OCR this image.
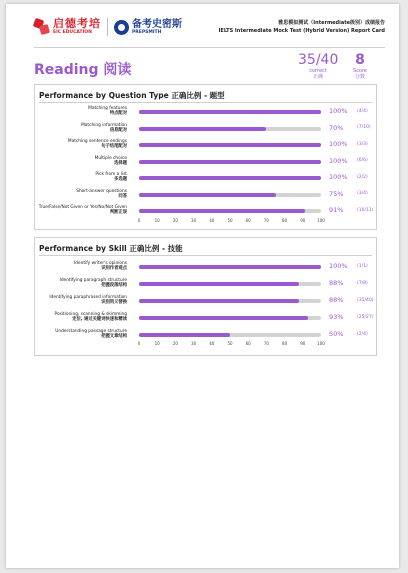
启德考培
EIC EDUCATION
备考史密斯
PREPSMITH
雅思模拟测试（Intermediate级别）成绩报告
IELTS Intermediate Mock Test (Hybrid Version) Report Card
Reading 阅读
35/40
correct
正确
8
Score
分数
Performance by Question Type 正确比例 - 题型
Matching features
特点配对	100% (4/4)
Matching information
信息配对	70%	(7/10)
Matching sentence endings
句子结尾配对	100% (3/3)
Multiple choice
选择题	100% (6/6)
Pick from a list
多选题	100% (2/2)
Short-answer questions
问答	75%	(3/4)
True/False/Not Given or Yes/No/Not Given
判断正误	91%	(10/11)
0	10	20	30	40	50	60	70	80	90	100
Performance by Skill 正确比例 - 技能
Identify writer's opinions
识别作者观点	100% (1/1)
Identifying paragraph structure
把握段落结构	88%	(7/8)
Identifying paraphrased information
识别同义替换	88%	(35/40)
Positioning, scanning & skimming
定位, 通过关键词快速和精读	93%	(25/27)
Understanding passage structure
把握文章结构	50%	(2/4)
0	10	20	30	40	50	60	70	80	90	100
